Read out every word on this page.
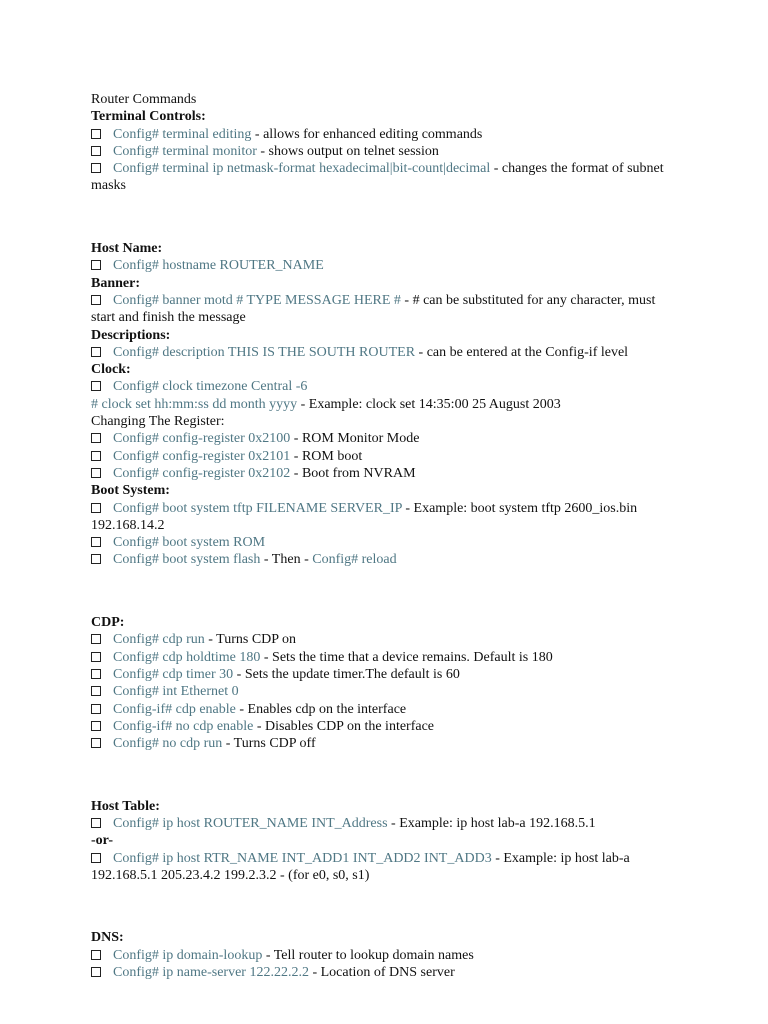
Router Commands

Terminal Controls:

Config# terminal editing - allows for enhanced editing commands

Config# terminal monitor - shows output on telnet session

Config# terminal ip netmask-format hexadecimal|bit-count|decimal - changes the format of subnet masks

Host Name:

Config# hostname ROUTER_NAME

Banner:

Config# banner motd # TYPE MESSAGE HERE # - # can be substituted for any character, must start and finish the message

Descriptions:

Config# description THIS IS THE SOUTH ROUTER - can be entered at the Config-if level

Clock:

Config# clock timezone Central -6

# clock set hh:mm:ss dd month yyyy - Example: clock set 14:35:00 25 August 2003

Changing The Register:

Config# config-register 0x2100 - ROM Monitor Mode

Config# config-register 0x2101 - ROM boot

Config# config-register 0x2102 - Boot from NVRAM

Boot System:

Config# boot system tftp FILENAME SERVER_IP - Example: boot system tftp 2600_ios.bin 192.168.14.2

Config# boot system ROM

Config# boot system flash - Then - Config# reload

CDP:

Config# cdp run - Turns CDP on

Config# cdp holdtime 180 - Sets the time that a device remains. Default is 180

Config# cdp timer 30 - Sets the update timer.The default is 60

Config# int Ethernet 0

Config-if# cdp enable - Enables cdp on the interface

Config-if# no cdp enable - Disables CDP on the interface

Config# no cdp run - Turns CDP off

Host Table:

Config# ip host ROUTER_NAME INT_Address - Example: ip host lab-a 192.168.5.1

-or-

Config# ip host RTR_NAME INT_ADD1 INT_ADD2 INT_ADD3 - Example: ip host lab-a 192.168.5.1 205.23.4.2 199.2.3.2 - (for e0, s0, s1)

DNS:

Config# ip domain-lookup - Tell router to lookup domain names

Config# ip name-server 122.22.2.2 - Location of DNS server
